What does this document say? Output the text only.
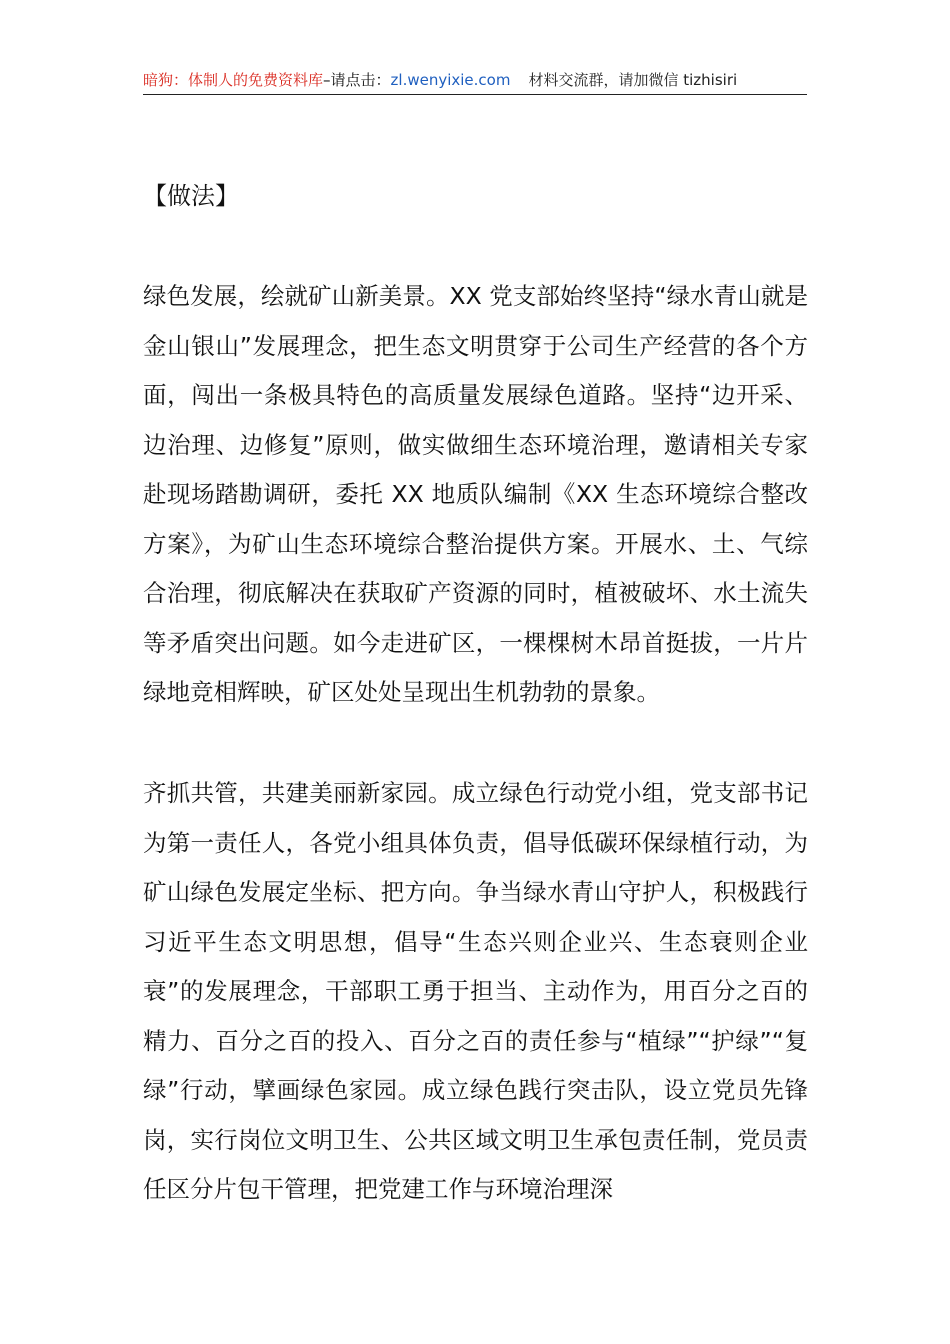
暗狗：体制人的免费资料库–请点击：zl.wenyixie.com 材料交流群，请加微信 tizhisiri
【做法】

绿色发展，绘就矿山新美景。XX 党支部始终坚持“绿水青山就是金山银山”发展理念，把生态文明贯穿于公司生产经营的各个方面，闯出一条极具特色的高质量发展绿色道路。坚持“边开采、边治理、边修复”原则，做实做细生态环境治理，邀请相关专家赴现场踏勘调研，委托 XX 地质队编制《XX 生态环境综合整改方案》，为矿山生态环境综合整治提供方案。开展水、土、气综合治理，彻底解决在获取矿产资源的同时，植被破坏、水土流失等矛盾突出问题。如今走进矿区，一棵棵树木昂首挺拔，一片片绿地竞相辉映，矿区处处呈现出生机勃勃的景象。

齐抓共管，共建美丽新家园。成立绿色行动党小组，党支部书记为第一责任人，各党小组具体负责，倡导低碳环保绿植行动，为矿山绿色发展定坐标、把方向。争当绿水青山守护人，积极践行习近平生态文明思想，倡导“生态兴则企业兴、生态衰则企业衰”的发展理念，干部职工勇于担当、主动作为，用百分之百的精力、百分之百的投入、百分之百的责任参与“植绿”“护绿”“复绿”行动，擘画绿色家园。成立绿色践行突击队，设立党员先锋岗，实行岗位文明卫生、公共区域文明卫生承包责任制，党员责任区分片包干管理，把党建工作与环境治理深
